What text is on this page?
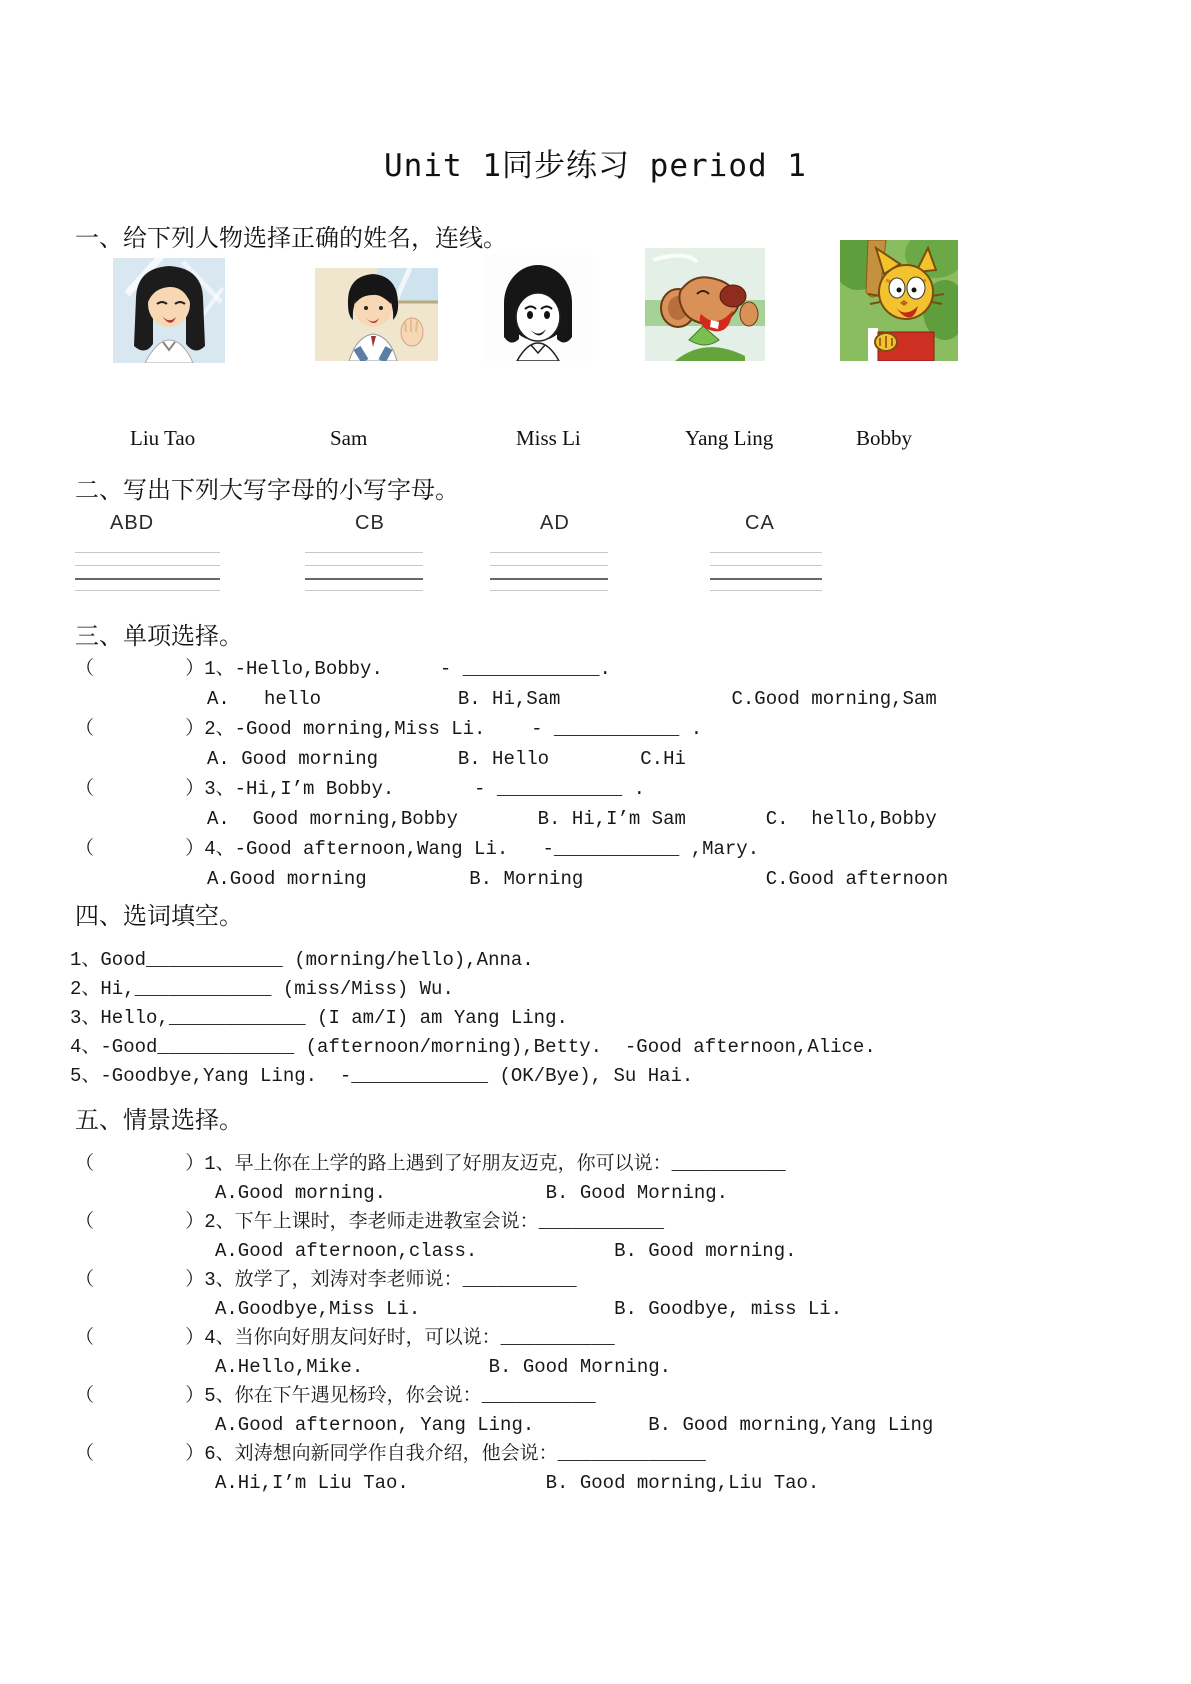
Unit 1同步练习 period 1
一、给下列人物选择正确的姓名，连线。
Liu Tao	Sam	Miss Li	Yang Ling	Bobby
二、写出下列大写字母的小写字母。
ABD	CB	AD	CA
三、单项选择。
（        ）1、-Hello,Bobby.     - ____________.
A.   hello            B. Hi,Sam               C.Good morning,Sam
（        ）2、-Good morning,Miss Li.    - ___________ .
A. Good morning       B. Hello        C.Hi
（        ）3、-Hi,I’m Bobby.       - ___________ .
A.  Good morning,Bobby       B. Hi,I’m Sam       C.  hello,Bobby
（        ）4、-Good afternoon,Wang Li.   -___________ ,Mary.
A.Good morning         B. Morning                C.Good afternoon
四、选词填空。
1、Good____________ (morning/hello),Anna.
2、Hi,____________ (miss/Miss) Wu.
3、Hello,____________ (I am/I) am Yang Ling.
4、-Good____________ (afternoon/morning),Betty.  -Good afternoon,Alice.
5、-Goodbye,Yang Ling.  -____________ (OK/Bye), Su Hai.
五、情景选择。
（        ）1、早上你在上学的路上遇到了好朋友迈克，你可以说：__________
A.Good morning.              B. Good Morning.
（        ）2、下午上课时，李老师走进教室会说：___________
A.Good afternoon,class.            B. Good morning.
（        ）3、放学了，刘涛对李老师说：__________
A.Goodbye,Miss Li.                 B. Goodbye, miss Li.
（        ）4、当你向好朋友问好时，可以说：__________
A.Hello,Mike.           B. Good Morning.
（        ）5、你在下午遇见杨玲，你会说：__________
A.Good afternoon, Yang Ling.          B. Good morning,Yang Ling
（        ）6、刘涛想向新同学作自我介绍，他会说：_____________
A.Hi,I’m Liu Tao.            B. Good morning,Liu Tao.
